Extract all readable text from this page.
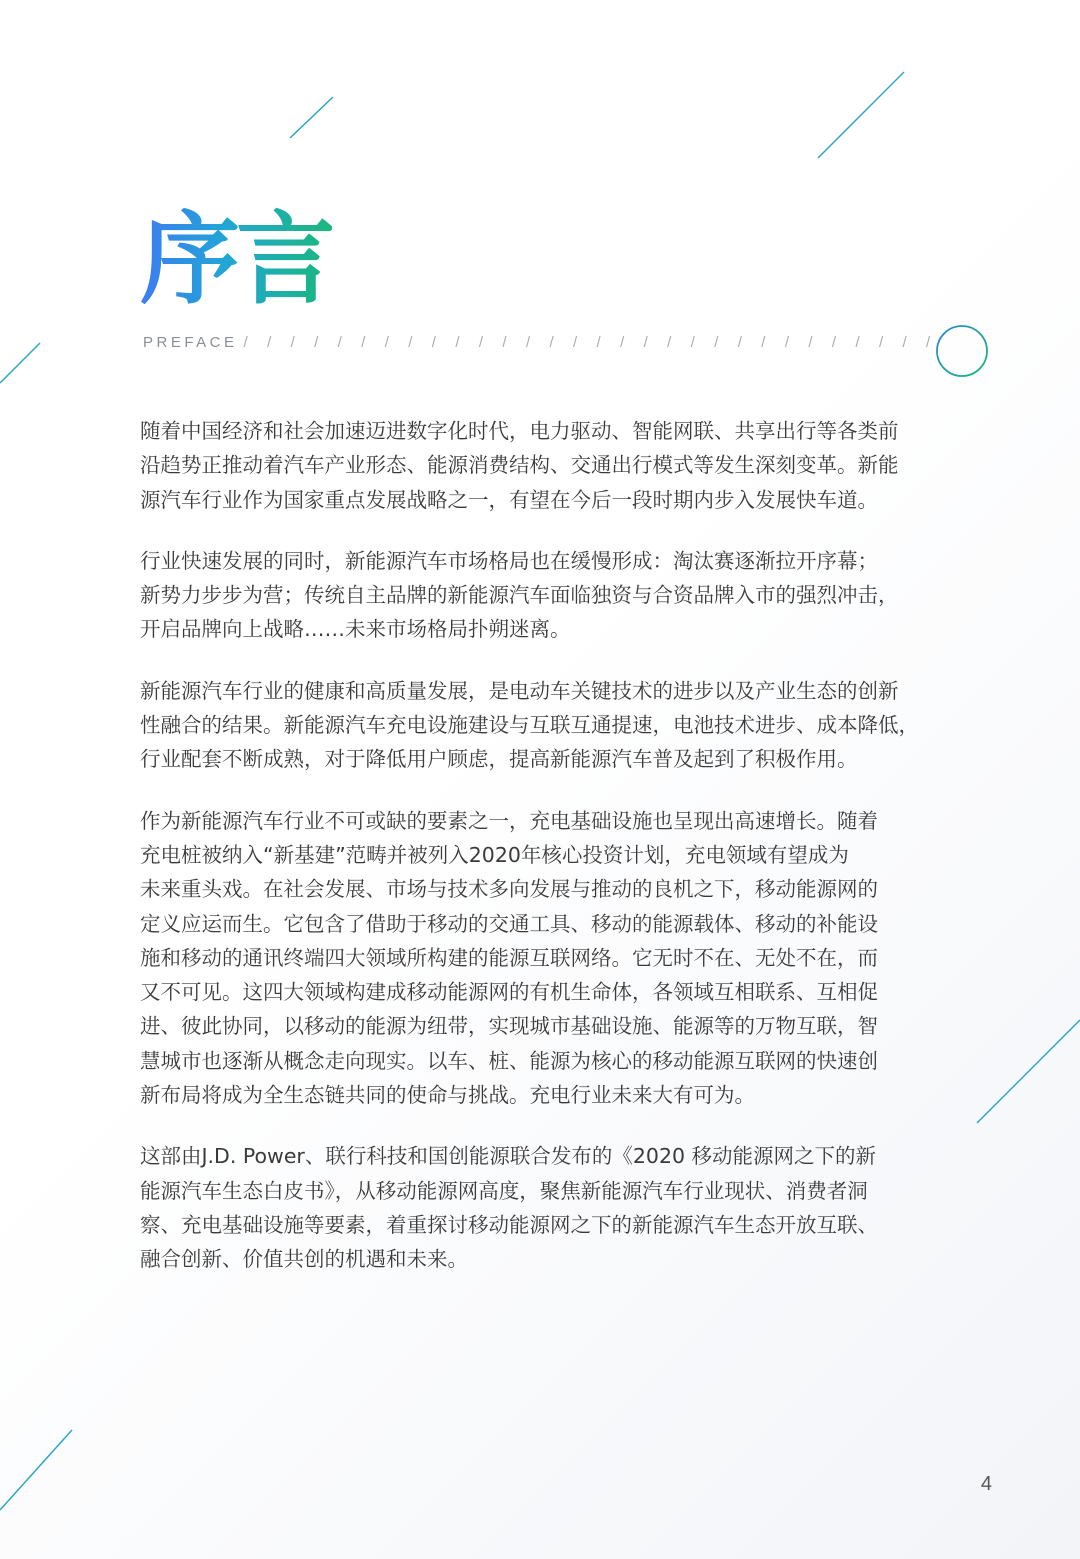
序言
PREFACE / / / / / / / / / / / / / / / / / / / / / / / / / / / / / /

随着中国经济和社会加速迈进数字化时代，电力驱动、智能网联、共享出行等各类前
沿趋势正推动着汽车产业形态、能源消费结构、交通出行模式等发生深刻变革。新能
源汽车行业作为国家重点发展战略之一，有望在今后一段时期内步入发展快车道。

行业快速发展的同时，新能源汽车市场格局也在缓慢形成：淘汰赛逐渐拉开序幕；
新势力步步为营；传统自主品牌的新能源汽车面临独资与合资品牌入市的强烈冲击，
开启品牌向上战略……未来市场格局扑朔迷离。

新能源汽车行业的健康和高质量发展，是电动车关键技术的进步以及产业生态的创新
性融合的结果。新能源汽车充电设施建设与互联互通提速，电池技术进步、成本降低，
行业配套不断成熟，对于降低用户顾虑，提高新能源汽车普及起到了积极作用。

作为新能源汽车行业不可或缺的要素之一，充电基础设施也呈现出高速增长。随着
充电桩被纳入“新基建”范畴并被列入2020年核心投资计划，充电领域有望成为
未来重头戏。在社会发展、市场与技术多向发展与推动的良机之下，移动能源网的
定义应运而生。它包含了借助于移动的交通工具、移动的能源载体、移动的补能设
施和移动的通讯终端四大领域所构建的能源互联网络。它无时不在、无处不在，而
又不可见。这四大领域构建成移动能源网的有机生命体，各领域互相联系、互相促
进、彼此协同，以移动的能源为纽带，实现城市基础设施、能源等的万物互联，智
慧城市也逐渐从概念走向现实。以车、桩、能源为核心的移动能源互联网的快速创
新布局将成为全生态链共同的使命与挑战。充电行业未来大有可为。

这部由J.D. Power、联行科技和国创能源联合发布的《2020 移动能源网之下的新
能源汽车生态白皮书》，从移动能源网高度，聚焦新能源汽车行业现状、消费者洞
察、充电基础设施等要素，着重探讨移动能源网之下的新能源汽车生态开放互联、
融合创新、价值共创的机遇和未来。

4
